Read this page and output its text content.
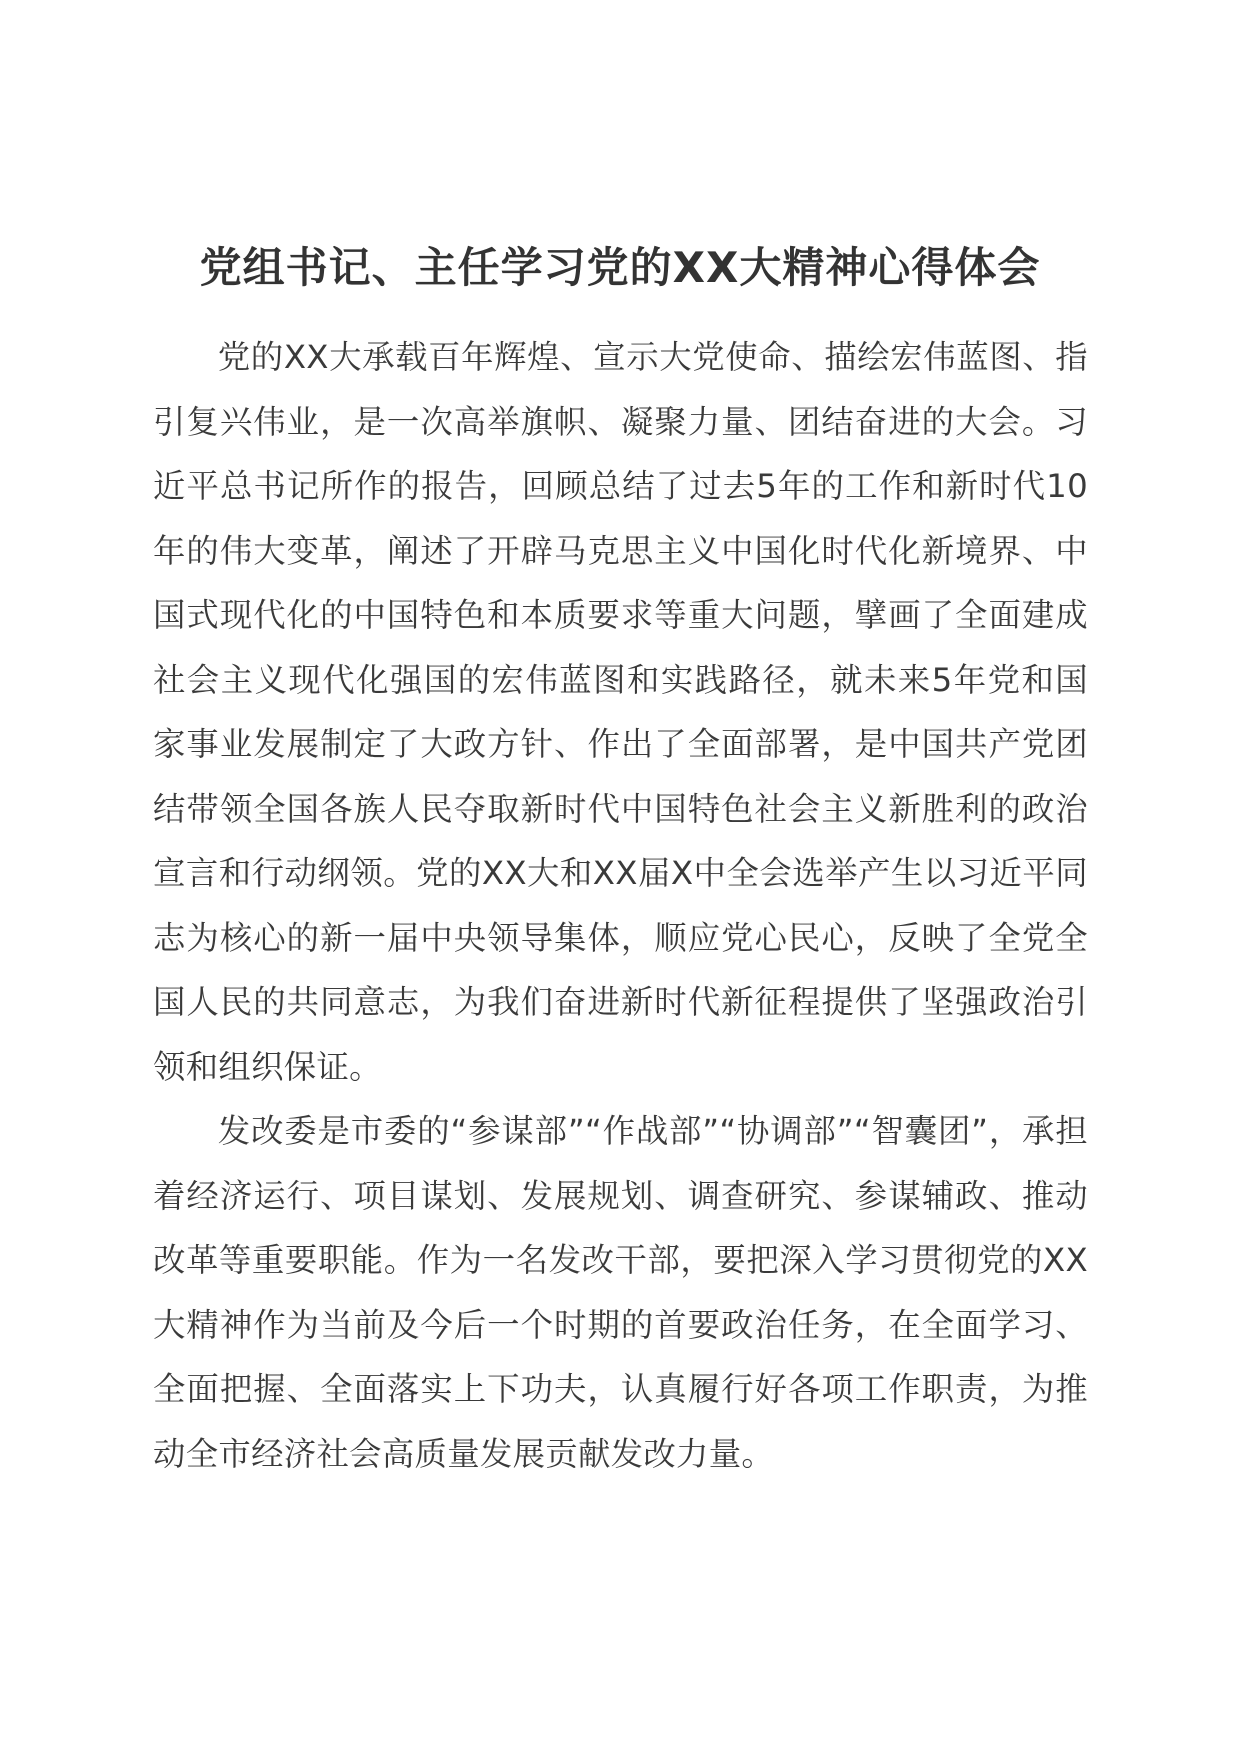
党组书记、主任学习党的XX大精神心得体会

党的XX大承载百年辉煌、宣示大党使命、描绘宏伟蓝图、指引复兴伟业，是一次高举旗帜、凝聚力量、团结奋进的大会。习近平总书记所作的报告，回顾总结了过去5年的工作和新时代10年的伟大变革，阐述了开辟马克思主义中国化时代化新境界、中国式现代化的中国特色和本质要求等重大问题，擘画了全面建成社会主义现代化强国的宏伟蓝图和实践路径，就未来5年党和国家事业发展制定了大政方针、作出了全面部署，是中国共产党团结带领全国各族人民夺取新时代中国特色社会主义新胜利的政治宣言和行动纲领。党的XX大和XX届X中全会选举产生以习近平同志为核心的新一届中央领导集体，顺应党心民心，反映了全党全国人民的共同意志，为我们奋进新时代新征程提供了坚强政治引领和组织保证。

发改委是市委的“参谋部”“作战部”“协调部”“智囊团”，承担着经济运行、项目谋划、发展规划、调查研究、参谋辅政、推动改革等重要职能。作为一名发改干部，要把深入学习贯彻党的XX大精神作为当前及今后一个时期的首要政治任务，在全面学习、全面把握、全面落实上下功夫，认真履行好各项工作职责，为推动全市经济社会高质量发展贡献发改力量。
